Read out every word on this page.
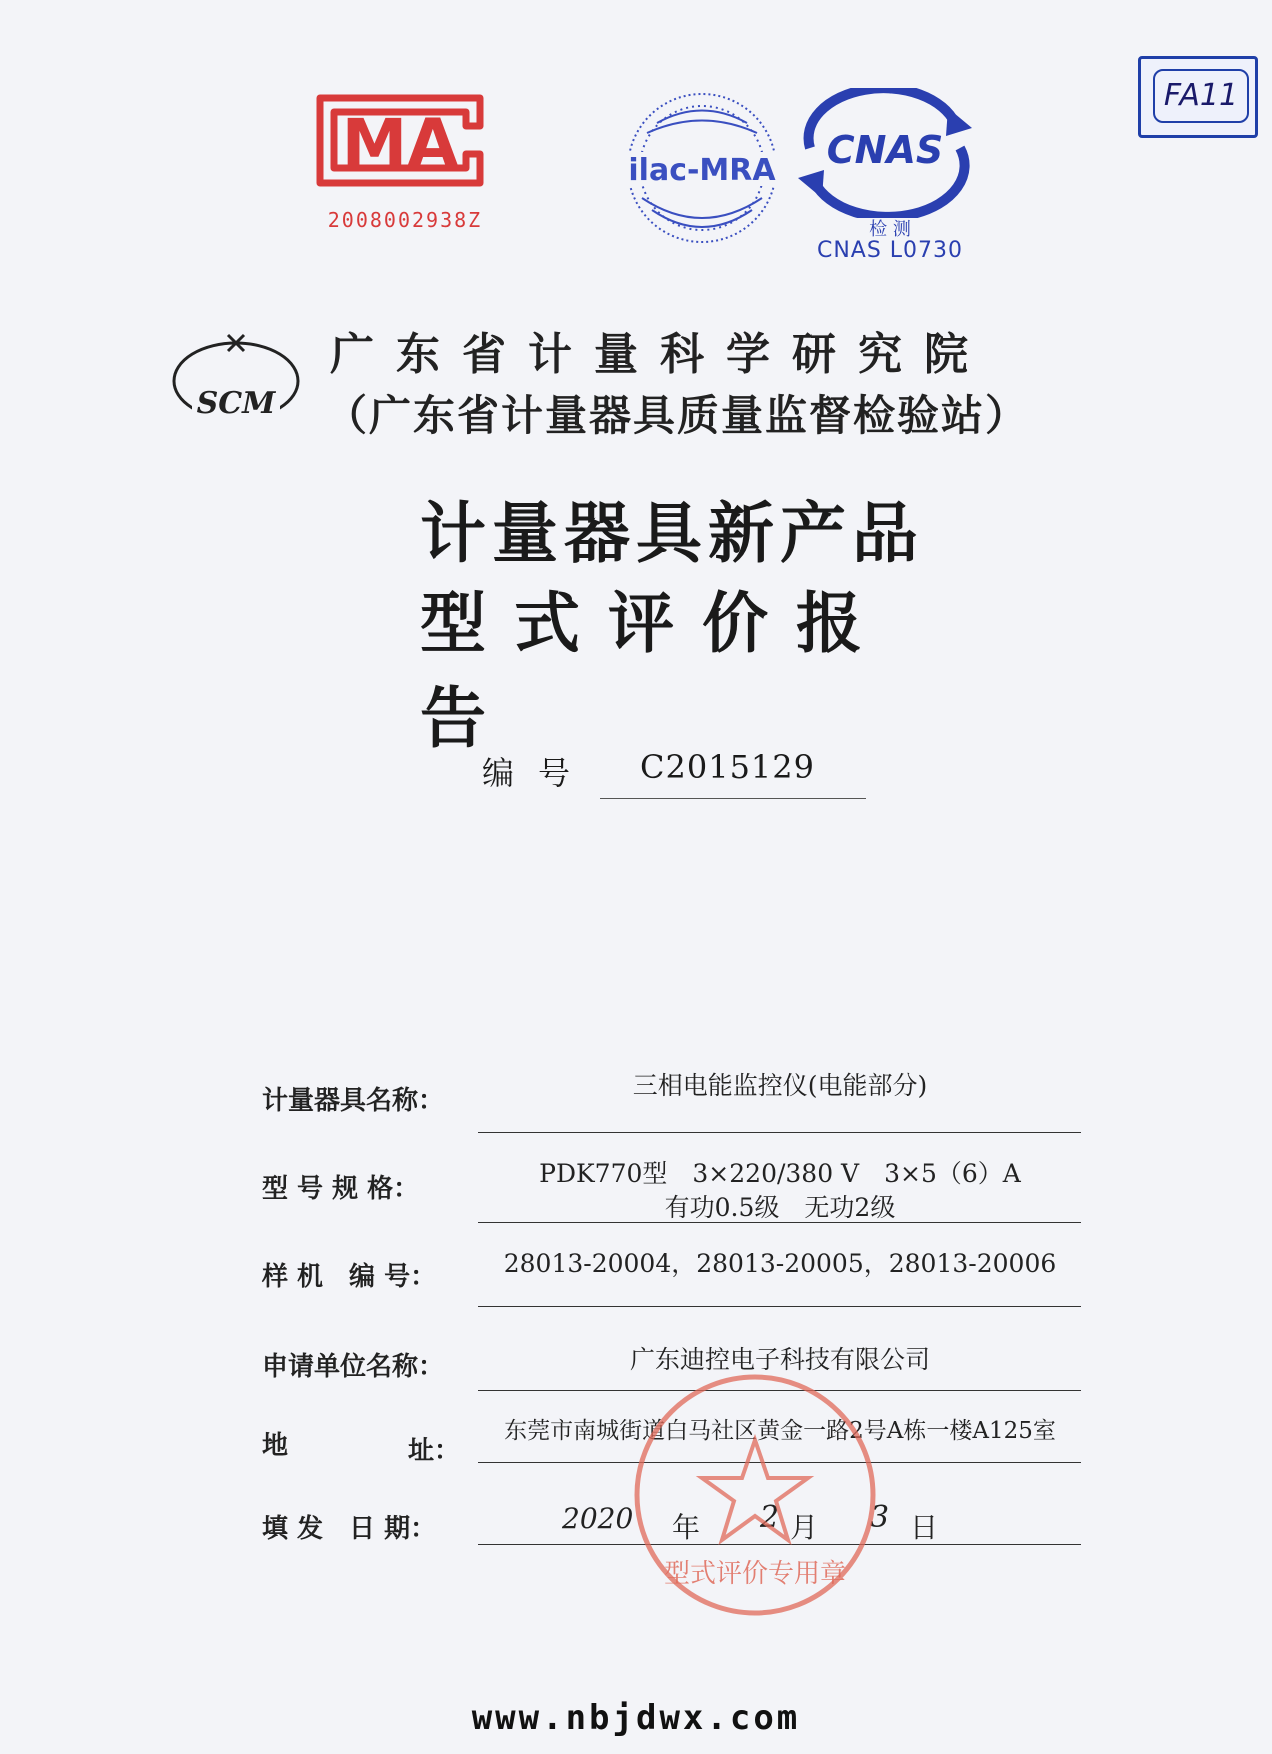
FA11
MA
2008002938Z
ilac-MRA CNAS
检 测
CNAS L0730
SCM
广东省计量科学研究院
（广东省计量器具质量监督检验站）
计量器具新产品
型式评价报告
编号 C2015129
计量器具名称：
三相电能监控仪(电能部分)
型 号 规 格：
PDK770型　3×220/380 V　3×5（6）A
有功0.5级　无功2级
样 机　编 号：	28013-20004，28013-20005，28013-20006
申请单位名称：	广东迪控电子科技有限公司
地	址：
东莞市南城街道白马社区黄金一路2号A栋一楼A125室
填 发　日 期：	2020 年 2 月 3 日
型式评价专用章
www.nbjdwx.com
